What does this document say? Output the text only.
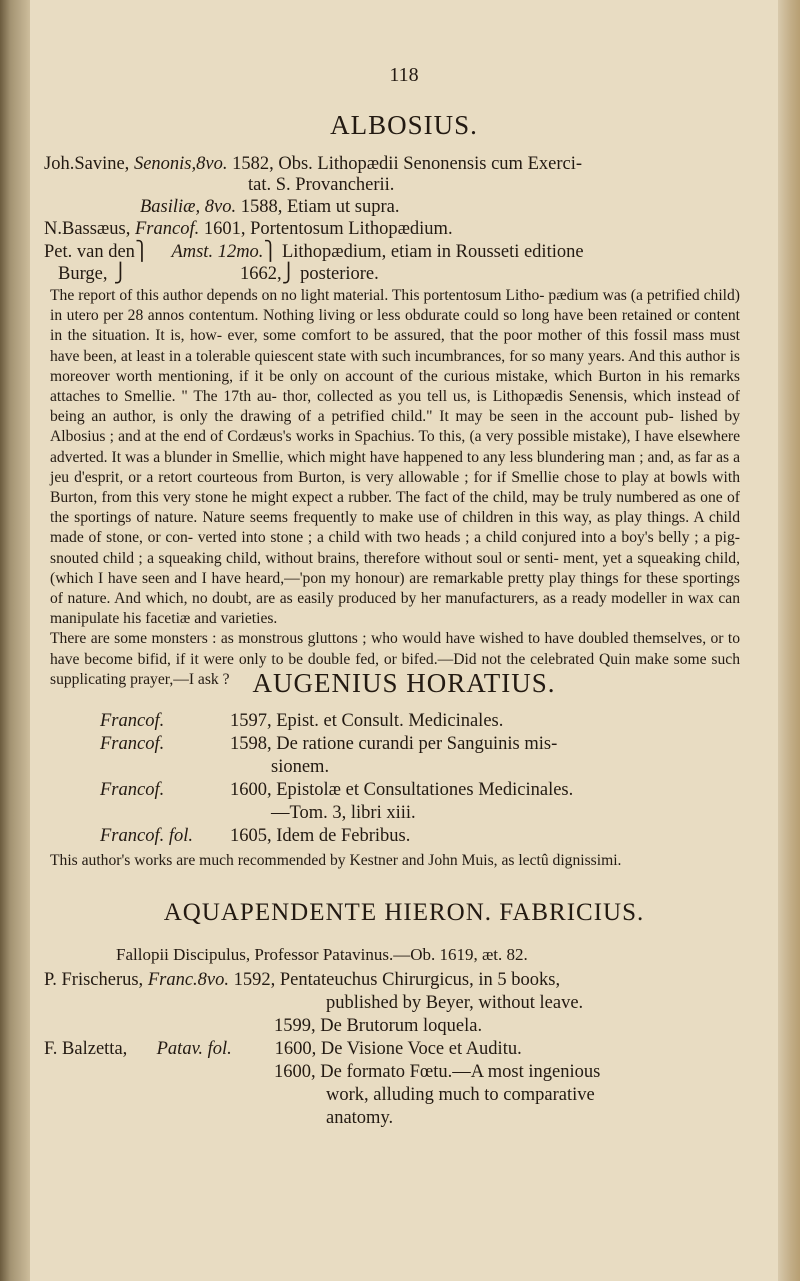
118
ALBOSIUS.
Joh.Savine, Senonis,8vo. 1582, Obs. Lithopædii Senonensis cum Exerci-
tat. S. Provancherii.
Basiliæ, 8vo. 1588, Etiam ut supra.
N.Bassæus, Francof. 1601, Portentosum Lithopædium.
Pet. van den⎫ Amst. 12mo.⎫ Lithopædium, etiam in Rousseti editione
Burge, ⎭	1662,⎭ posteriore.

The report of this author depends on no light material. This portentosum Litho- pædium was (a petrified child) in utero per 28 annos contentum. Nothing living or less obdurate could so long have been retained or content in the situation. It is, how- ever, some comfort to be assured, that the poor mother of this fossil mass must have been, at least in a tolerable quiescent state with such incumbrances, for so many years. And this author is moreover worth mentioning, if it be only on account of the curious mistake, which Burton in his remarks attaches to Smellie. " The 17th au- thor, collected as you tell us, is Lithopædis Senensis, which instead of being an author, is only the drawing of a petrified child." It may be seen in the account pub- lished by Albosius ; and at the end of Cordæus's works in Spachius. To this, (a very possible mistake), I have elsewhere adverted. It was a blunder in Smellie, which might have happened to any less blundering man ; and, as far as a jeu d'esprit, or a retort courteous from Burton, is very allowable ; for if Smellie chose to play at bowls with Burton, from this very stone he might expect a rubber. The fact of the child, may be truly numbered as one of the sportings of nature. Nature seems frequently to make use of children in this way, as play things. A child made of stone, or con- verted into stone ; a child with two heads ; a child conjured into a boy's belly ; a pig-snouted child ; a squeaking child, without brains, therefore without soul or senti- ment, yet a squeaking child, (which I have seen and I have heard,—'pon my honour) are remarkable pretty play things for these sportings of nature. And which, no doubt, are as easily produced by her manufacturers, as a ready modeller in wax can manipulate his facetiæ and varieties.

There are some monsters : as monstrous gluttons ; who would have wished to have doubled themselves, or to have become bifid, if it were only to be double fed, or bifed.—Did not the celebrated Quin make some such supplicating prayer,—I ask ? AUGENIUS HORATIUS.
Francof.	1597, Epist. et Consult. Medicinales.
Francof.	1598, De ratione curandi per Sanguinis mis-
sionem.
Francof.	1600, Epistolæ et Consultationes Medicinales.
—Tom. 3, libri xiii.
Francof. fol. 1605, Idem de Febribus.
This author's works are much recommended by Kestner and John Muis, as lectû dignissimi.
AQUAPENDENTE HIERON. FABRICIUS.
Fallopii Discipulus, Professor Patavinus.—Ob. 1619, æt. 82.
P. Frischerus, Franc.8vo. 1592, Pentateuchus Chirurgicus, in 5 books,
published by Beyer, without leave.
1599, De Brutorum loquela.
F. Balzetta, Patav. fol. 1600, De Visione Voce et Auditu.
1600, De formato Fœtu.—A most ingenious
work, alluding much to comparative
anatomy.
